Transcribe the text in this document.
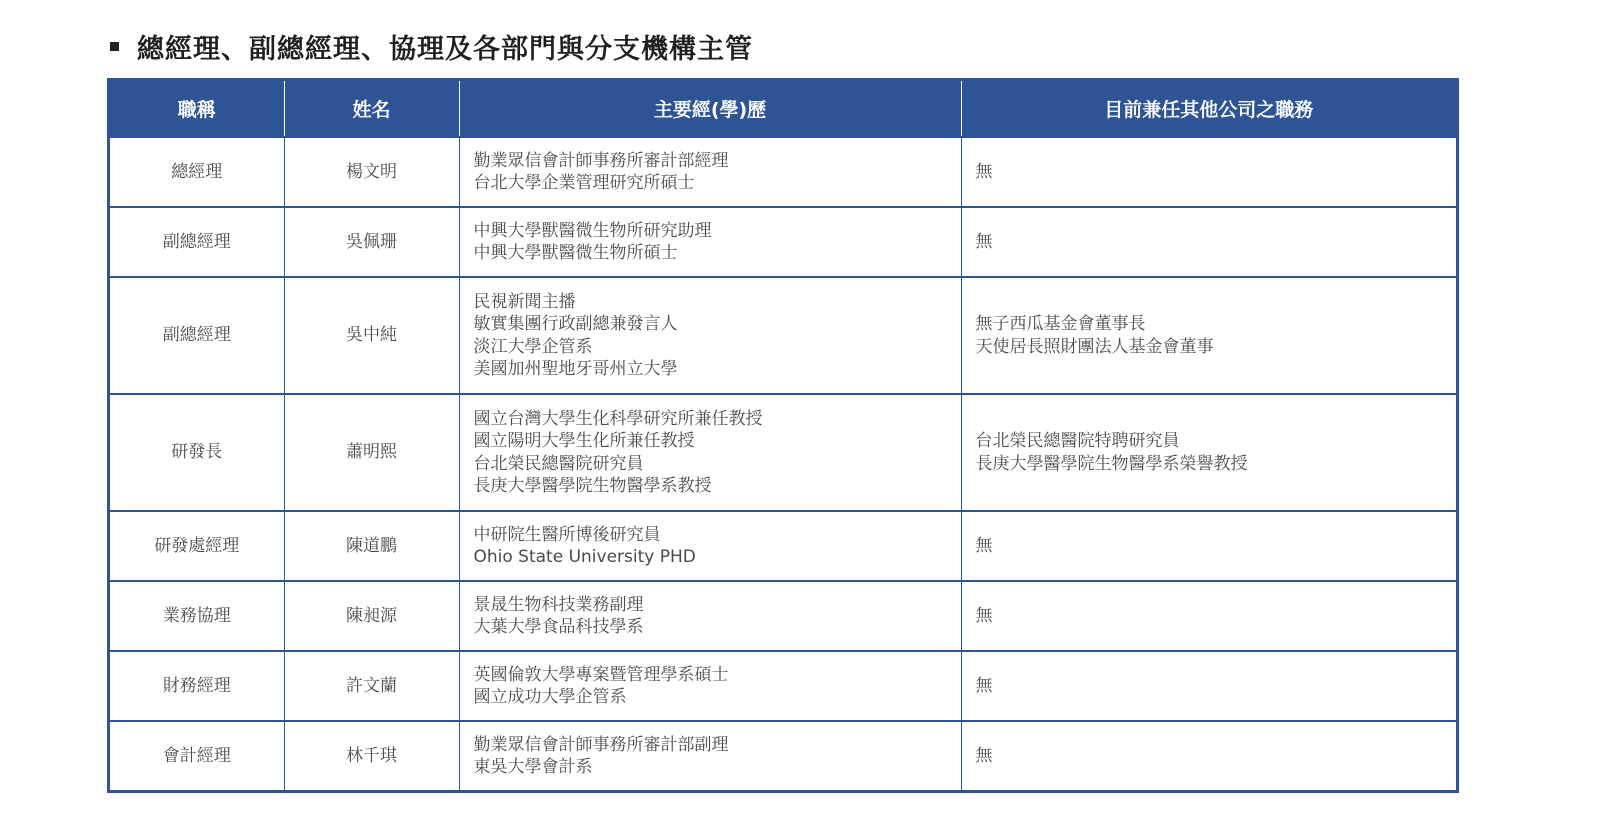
總經理、副總經理、協理及各部門與分支機構主管
職稱	姓名	主要經(學)歷	目前兼任其他公司之職務
總經理	楊文明	勤業眾信會計師事務所審計部經理
台北大學企業管理研究所碩士	無

副總經理	吳佩珊	中興大學獸醫微生物所研究助理
中興大學獸醫微生物所碩士	無

副總經理	吳中純	民視新聞主播
敏實集團行政副總兼發言人
淡江大學企管系
美國加州聖地牙哥州立大學	無子西瓜基金會董事長
天使居長照財團法人基金會董事

研發長	蕭明熙	國立台灣大學生化科學研究所兼任教授
國立陽明大學生化所兼任教授
台北榮民總醫院研究員
長庚大學醫學院生物醫學系教授	台北榮民總醫院特聘研究員
長庚大學醫學院生物醫學系榮譽教授

研發處經理	陳道鵬	中研院生醫所博後研究員
Ohio State University PHD	無

業務協理	陳昶源	景晟生物科技業務副理
大葉大學食品科技學系	無

財務經理	許文蘭	英國倫敦大學專案暨管理學系碩士
國立成功大學企管系	無

會計經理	林千琪	勤業眾信會計師事務所審計部副理
東吳大學會計系	無
